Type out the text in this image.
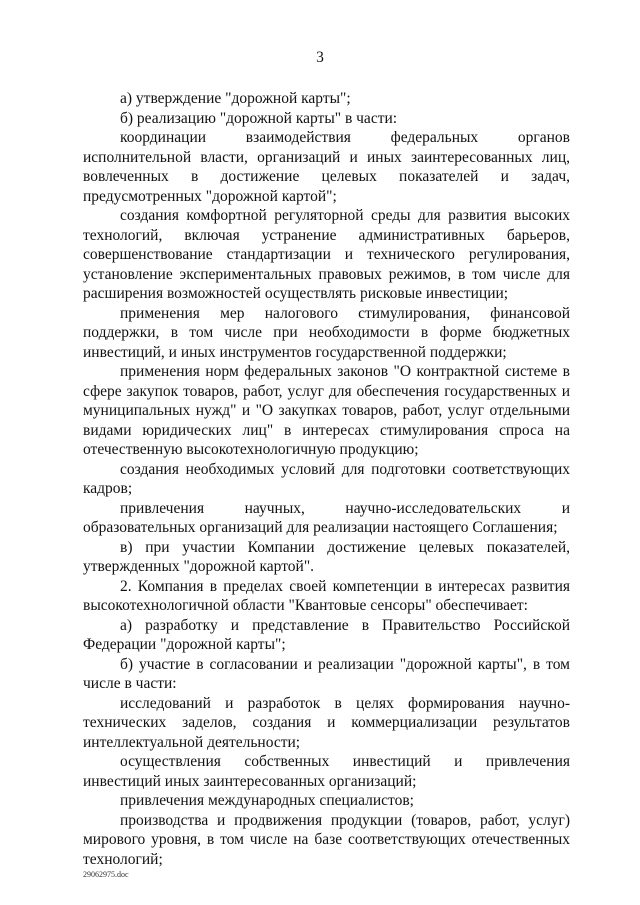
3

а) утверждение "дорожной карты";

б) реализацию "дорожной карты" в части:

координации взаимодействия федеральных органов исполнительной власти, организаций и иных заинтересованных лиц, вовлеченных в достижение целевых показателей и задач, предусмотренных "дорожной картой";

создания комфортной регуляторной среды для развития высоких технологий, включая устранение административных барьеров, совершенствование стандартизации и технического регулирования, установление экспериментальных правовых режимов, в том числе для расширения возможностей осуществлять рисковые инвестиции;

применения мер налогового стимулирования, финансовой поддержки, в том числе при необходимости в форме бюджетных инвестиций, и иных инструментов государственной поддержки;

применения норм федеральных законов "О контрактной системе в сфере закупок товаров, работ, услуг для обеспечения государственных и муниципальных нужд" и "О закупках товаров, работ, услуг отдельными видами юридических лиц" в интересах стимулирования спроса на отечественную высокотехнологичную продукцию;

создания необходимых условий для подготовки соответствующих кадров;

привлечения научных, научно-исследовательских и образовательных организаций для реализации настоящего Соглашения;

в) при участии Компании достижение целевых показателей, утвержденных "дорожной картой".

2. Компания в пределах своей компетенции в интересах развития высокотехнологичной области "Квантовые сенсоры" обеспечивает:

а) разработку и представление в Правительство Российской Федерации "дорожной карты";

б) участие в согласовании и реализации "дорожной карты", в том числе в части:

исследований и разработок в целях формирования научно-технических заделов, создания и коммерциализации результатов интеллектуальной деятельности;

осуществления собственных инвестиций и привлечения инвестиций иных заинтересованных организаций;

привлечения международных специалистов;

производства и продвижения продукции (товаров, работ, услуг) мирового уровня, в том числе на базе соответствующих отечественных технологий;

29062975.doc
